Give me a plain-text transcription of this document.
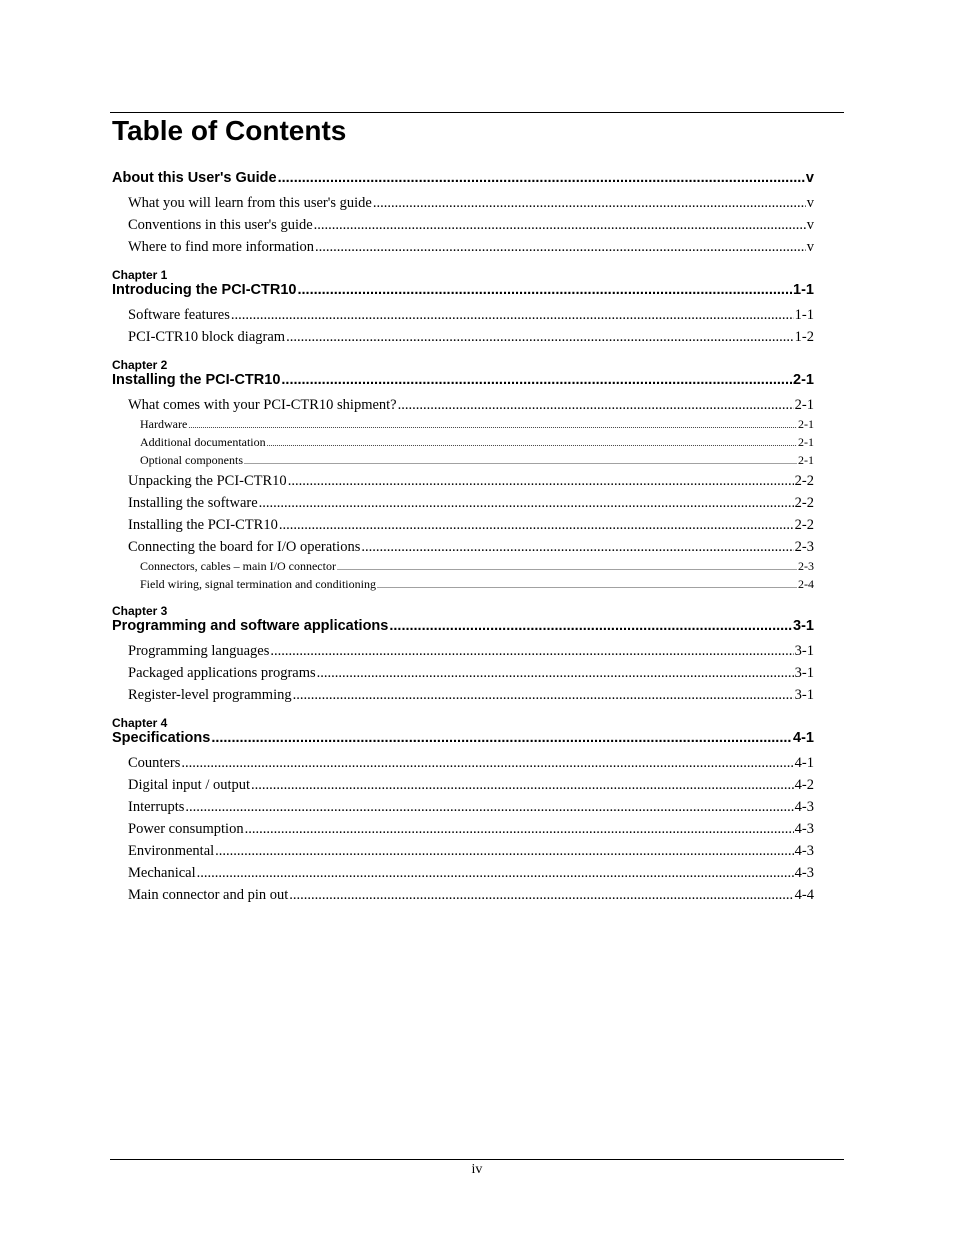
Table of Contents
About this User's Guide .....	v
What you will learn from this user's guide .....	v
Conventions in this user's guide .....	v
Where to find more information .....	v
Chapter 1
Introducing the PCI-CTR10 .....	1-1
Software features .....	1-1
PCI-CTR10 block diagram .....	1-2
Chapter 2
Installing the PCI-CTR10 .....	2-1
What comes with your PCI-CTR10 shipment? .....	2-1
Hardware .....	2-1
Additional documentation .....	2-1
Optional components .....	2-1
Unpacking the PCI-CTR10 .....	2-2
Installing the software .....	2-2
Installing the PCI-CTR10 .....	2-2
Connecting the board for I/O operations .....	2-3
Connectors, cables – main I/O connector .....	2-3
Field wiring, signal termination and conditioning .....	2-4
Chapter 3
Programming and software applications .....	3-1
Programming languages .....	3-1
Packaged applications programs .....	3-1
Register-level programming .....	3-1
Chapter 4
Specifications .....	4-1
Counters .....	4-1
Digital input / output .....	4-2
Interrupts .....	4-3
Power consumption .....	4-3
Environmental .....	4-3
Mechanical .....	4-3
Main connector and pin out .....	4-4
iv
